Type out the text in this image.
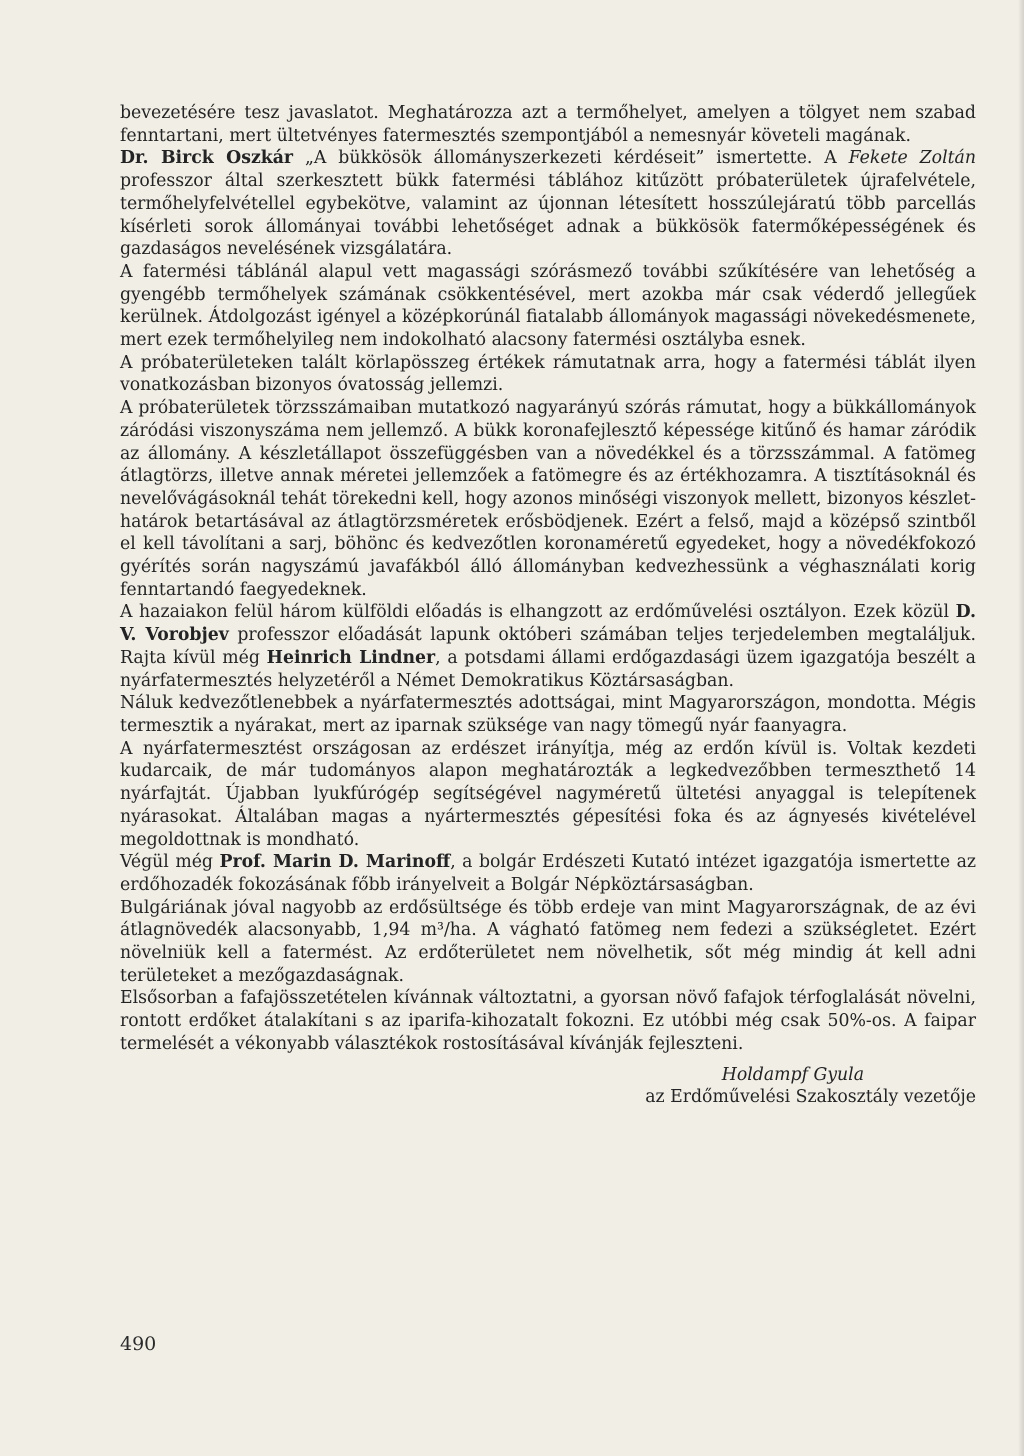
bevezetésére tesz javaslatot. Meghatározza azt a termőhelyet, amelyen a tölgyet nem szabad fenntartani, mert ültetvényes fatermesztés szempontjából a nemesnyár követeli magának.

Dr. Birck Oszkár „A bükkösök állományszerkezeti kérdéseit” ismertette. A Fekete Zoltán professzor által szerkesztett bükk fatermési táblához kitűzött próbaterületek újrafelvétele, termőhelyfelvétellel egybekötve, valamint az újonnan létesített hosszúlejáratú több parcellás kísérleti sorok állományai további lehetőséget adnak a bükkösök fatermőképességének és gazdaságos nevelésének vizsgálatára.

A fatermési táblánál alapul vett magassági szórásmező további szűkítésére van lehetőség a gyengébb termőhelyek számának csökkentésével, mert azokba már csak véderdő jellegűek kerülnek. Átdolgozást igényel a középkorúnál fiatalabb állományok magassági növekedésmenete, mert ezek termőhelyileg nem indokolható alacsony fatermési osztályba esnek.

A próbaterületeken talált körlapösszeg értékek rámutatnak arra, hogy a fatermési táblát ilyen vonatkozásban bizonyos óvatosság jellemzi.

A próbaterületek törzsszámaiban mutatkozó nagyarányú szórás rámutat, hogy a bükkállományok záródási viszonyszáma nem jellemző. A bükk koronafejlesztő képessége kitűnő és hamar záródik az állomány. A készletállapot összefüggésben van a növedékkel és a törzsszámmal. A fatömeg átlagtörzs, illetve annak méretei jellemzőek a fatömegre és az értékhozamra. A tisztításoknál és nevelővágásoknál tehát törekedni kell, hogy azonos minőségi viszonyok mellett, bizonyos készlethatárok betartásával az átlagtörzsméretek erősbödjenek. Ezért a felső, majd a középső szintből el kell távolítani a sarj, böhönc és kedvezőtlen koronaméretű egyedeket, hogy a növedékfokozó gyérítés során nagyszámú javafákból álló állományban kedvezhessünk a véghasználati korig fenntartandó faegyedeknek.

A hazaiakon felül három külföldi előadás is elhangzott az erdőművelési osztályon. Ezek közül D. V. Vorobjev professzor előadását lapunk októberi számában teljes terjedelemben megtaláljuk. Rajta kívül még Heinrich Lindner, a potsdami állami erdőgazdasági üzem igazgatója beszélt a nyárfatermesztés helyzetéről a Német Demokratikus Köztársaságban.

Náluk kedvezőtlenebbek a nyárfatermesztés adottságai, mint Magyarországon, mondotta. Mégis termesztik a nyárakat, mert az iparnak szüksége van nagy tömegű nyár faanyagra.

A nyárfatermesztést országosan az erdészet irányítja, még az erdőn kívül is. Voltak kezdeti kudarcaik, de már tudományos alapon meghatározták a legkedvezőbben termeszthető 14 nyárfajtát. Újabban lyukfúrógép segítségével nagyméretű ültetési anyaggal is telepítenek nyárasokat. Általában magas a nyártermesztés gépesítési foka és az ágnyesés kivételével megoldottnak is mondható.

Végül még Prof. Marin D. Marinoff, a bolgár Erdészeti Kutató intézet igazgatója ismertette az erdőhozadék fokozásának főbb irányelveit a Bolgár Népköztársaságban.

Bulgáriának jóval nagyobb az erdősültsége és több erdeje van mint Magyarországnak, de az évi átlagnövedék alacsonyabb, 1,94 m³/ha. A vágható fatömeg nem fedezi a szükségletet. Ezért növelniük kell a fatermést. Az erdőterületet nem növelhetik, sőt még mindig át kell adni területeket a mezőgazdaságnak.

Elsősorban a fafajösszetételen kívánnak változtatni, a gyorsan növő fafajok térfoglalását növelni, rontott erdőket átalakítani s az iparifa-kihozatalt fokozni. Ez utóbbi még csak 50%-os. A faipar termelését a vékonyabb választékok rostosításával kívánják fejleszteni.

Holdampf Gyula

az Erdőművelési Szakosztály vezetője

490
